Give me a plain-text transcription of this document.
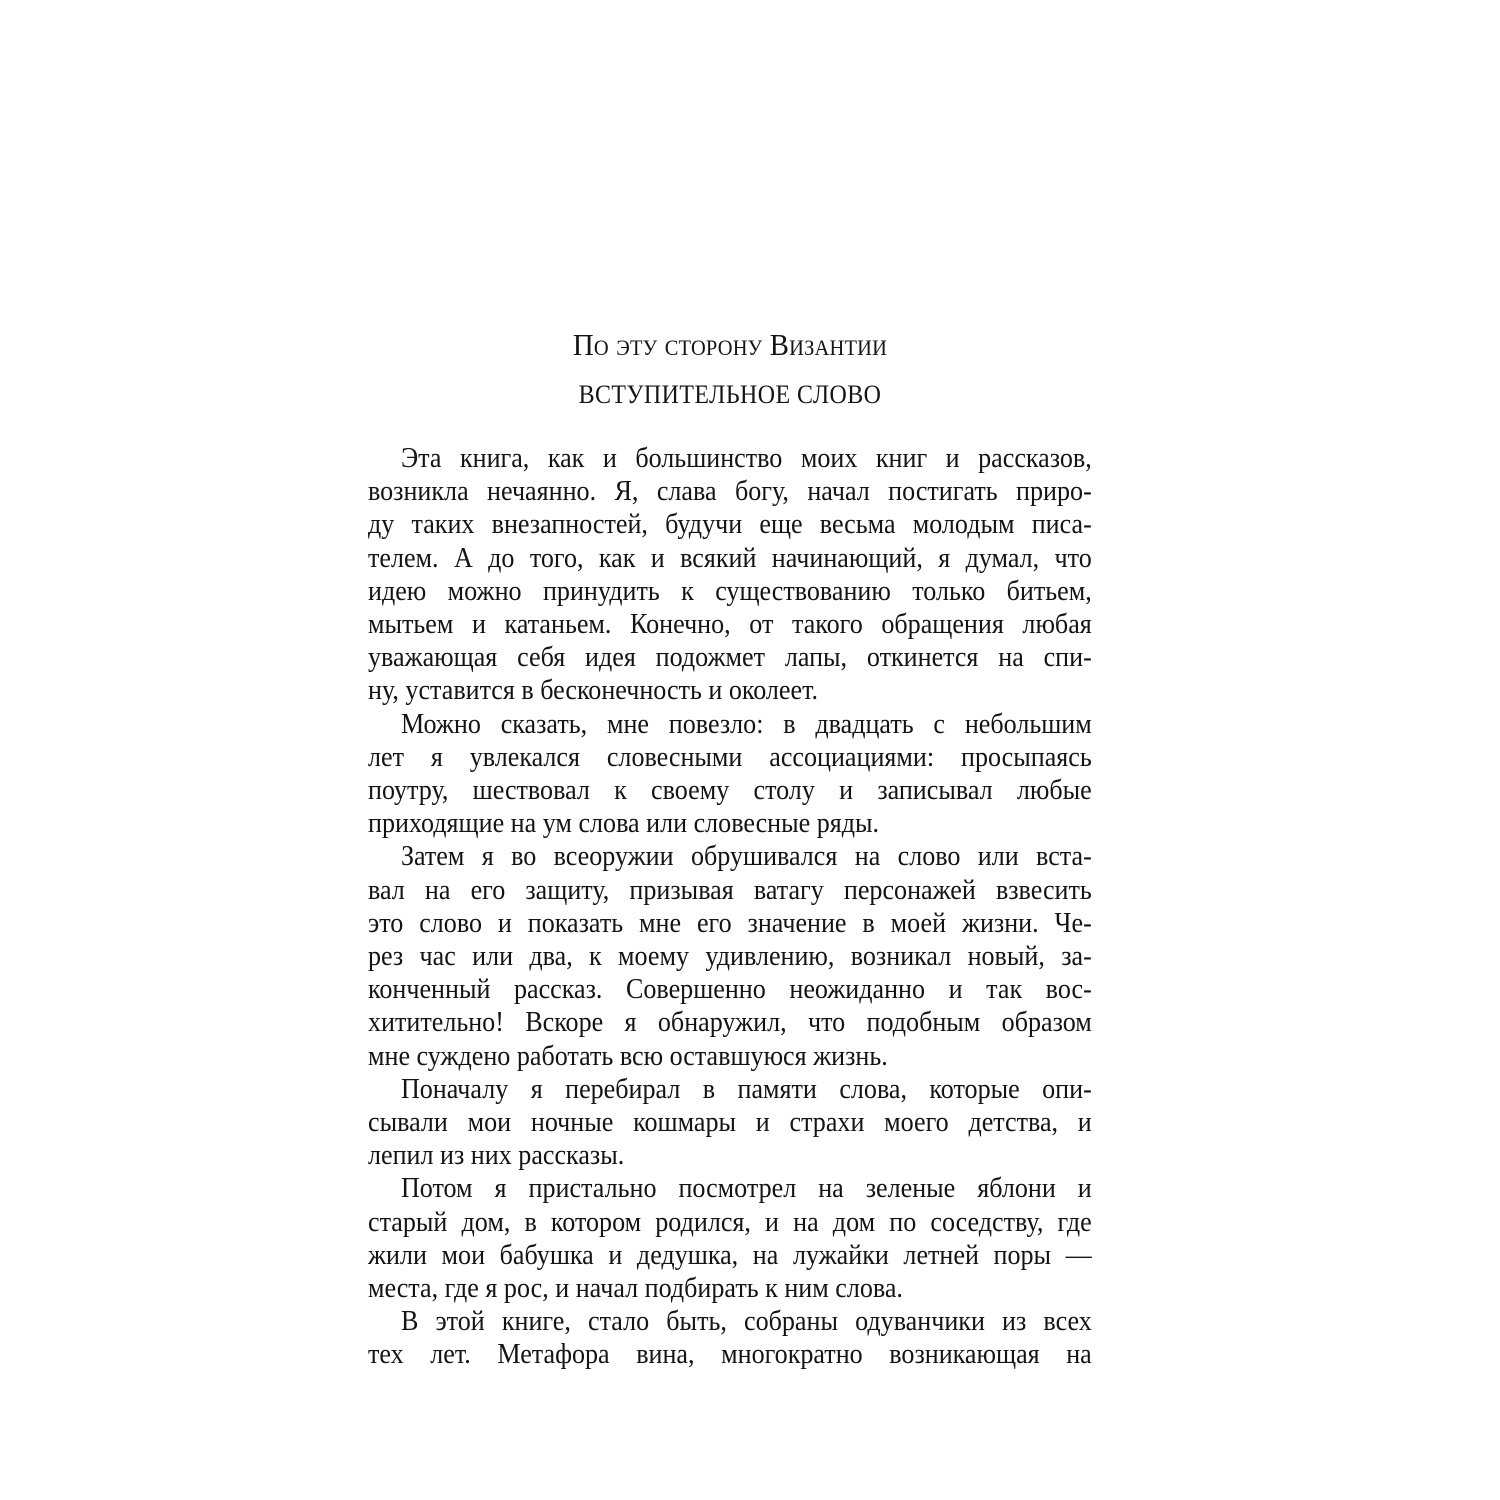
По эту сторону Византии
ВСТУПИТЕЛЬНОЕ СЛОВО

Эта книга, как и большинство моих книг и рассказов,
возникла нечаянно. Я, слава богу, начал постигать приро-
ду таких внезапностей, будучи еще весьма молодым писа-
телем. А до того, как и всякий начинающий, я думал, что
идею можно принудить к существованию только битьем,
мытьем и катаньем. Конечно, от такого обращения любая
уважающая себя идея подожмет лапы, откинется на спи-
ну, уставится в бесконечность и околеет.

Можно сказать, мне повезло: в двадцать с небольшим
лет я увлекался словесными ассоциациями: просыпаясь
поутру, шествовал к своему столу и записывал любые
приходящие на ум слова или словесные ряды.

Затем я во всеоружии обрушивался на слово или вста-
вал на его защиту, призывая ватагу персонажей взвесить
это слово и показать мне его значение в моей жизни. Че-
рез час или два, к моему удивлению, возникал новый, за-
конченный рассказ. Совершенно неожиданно и так вос-
хитительно! Вскоре я обнаружил, что подобным образом
мне суждено работать всю оставшуюся жизнь.

Поначалу я перебирал в памяти слова, которые опи-
сывали мои ночные кошмары и страхи моего детства, и
лепил из них рассказы.

Потом я пристально посмотрел на зеленые яблони и
старый дом, в котором родился, и на дом по соседству, где
жили мои бабушка и дедушка, на лужайки летней поры —
места, где я рос, и начал подбирать к ним слова.

В этой книге, стало быть, собраны одуванчики из всех
тех лет. Метафора вина, многократно возникающая на
